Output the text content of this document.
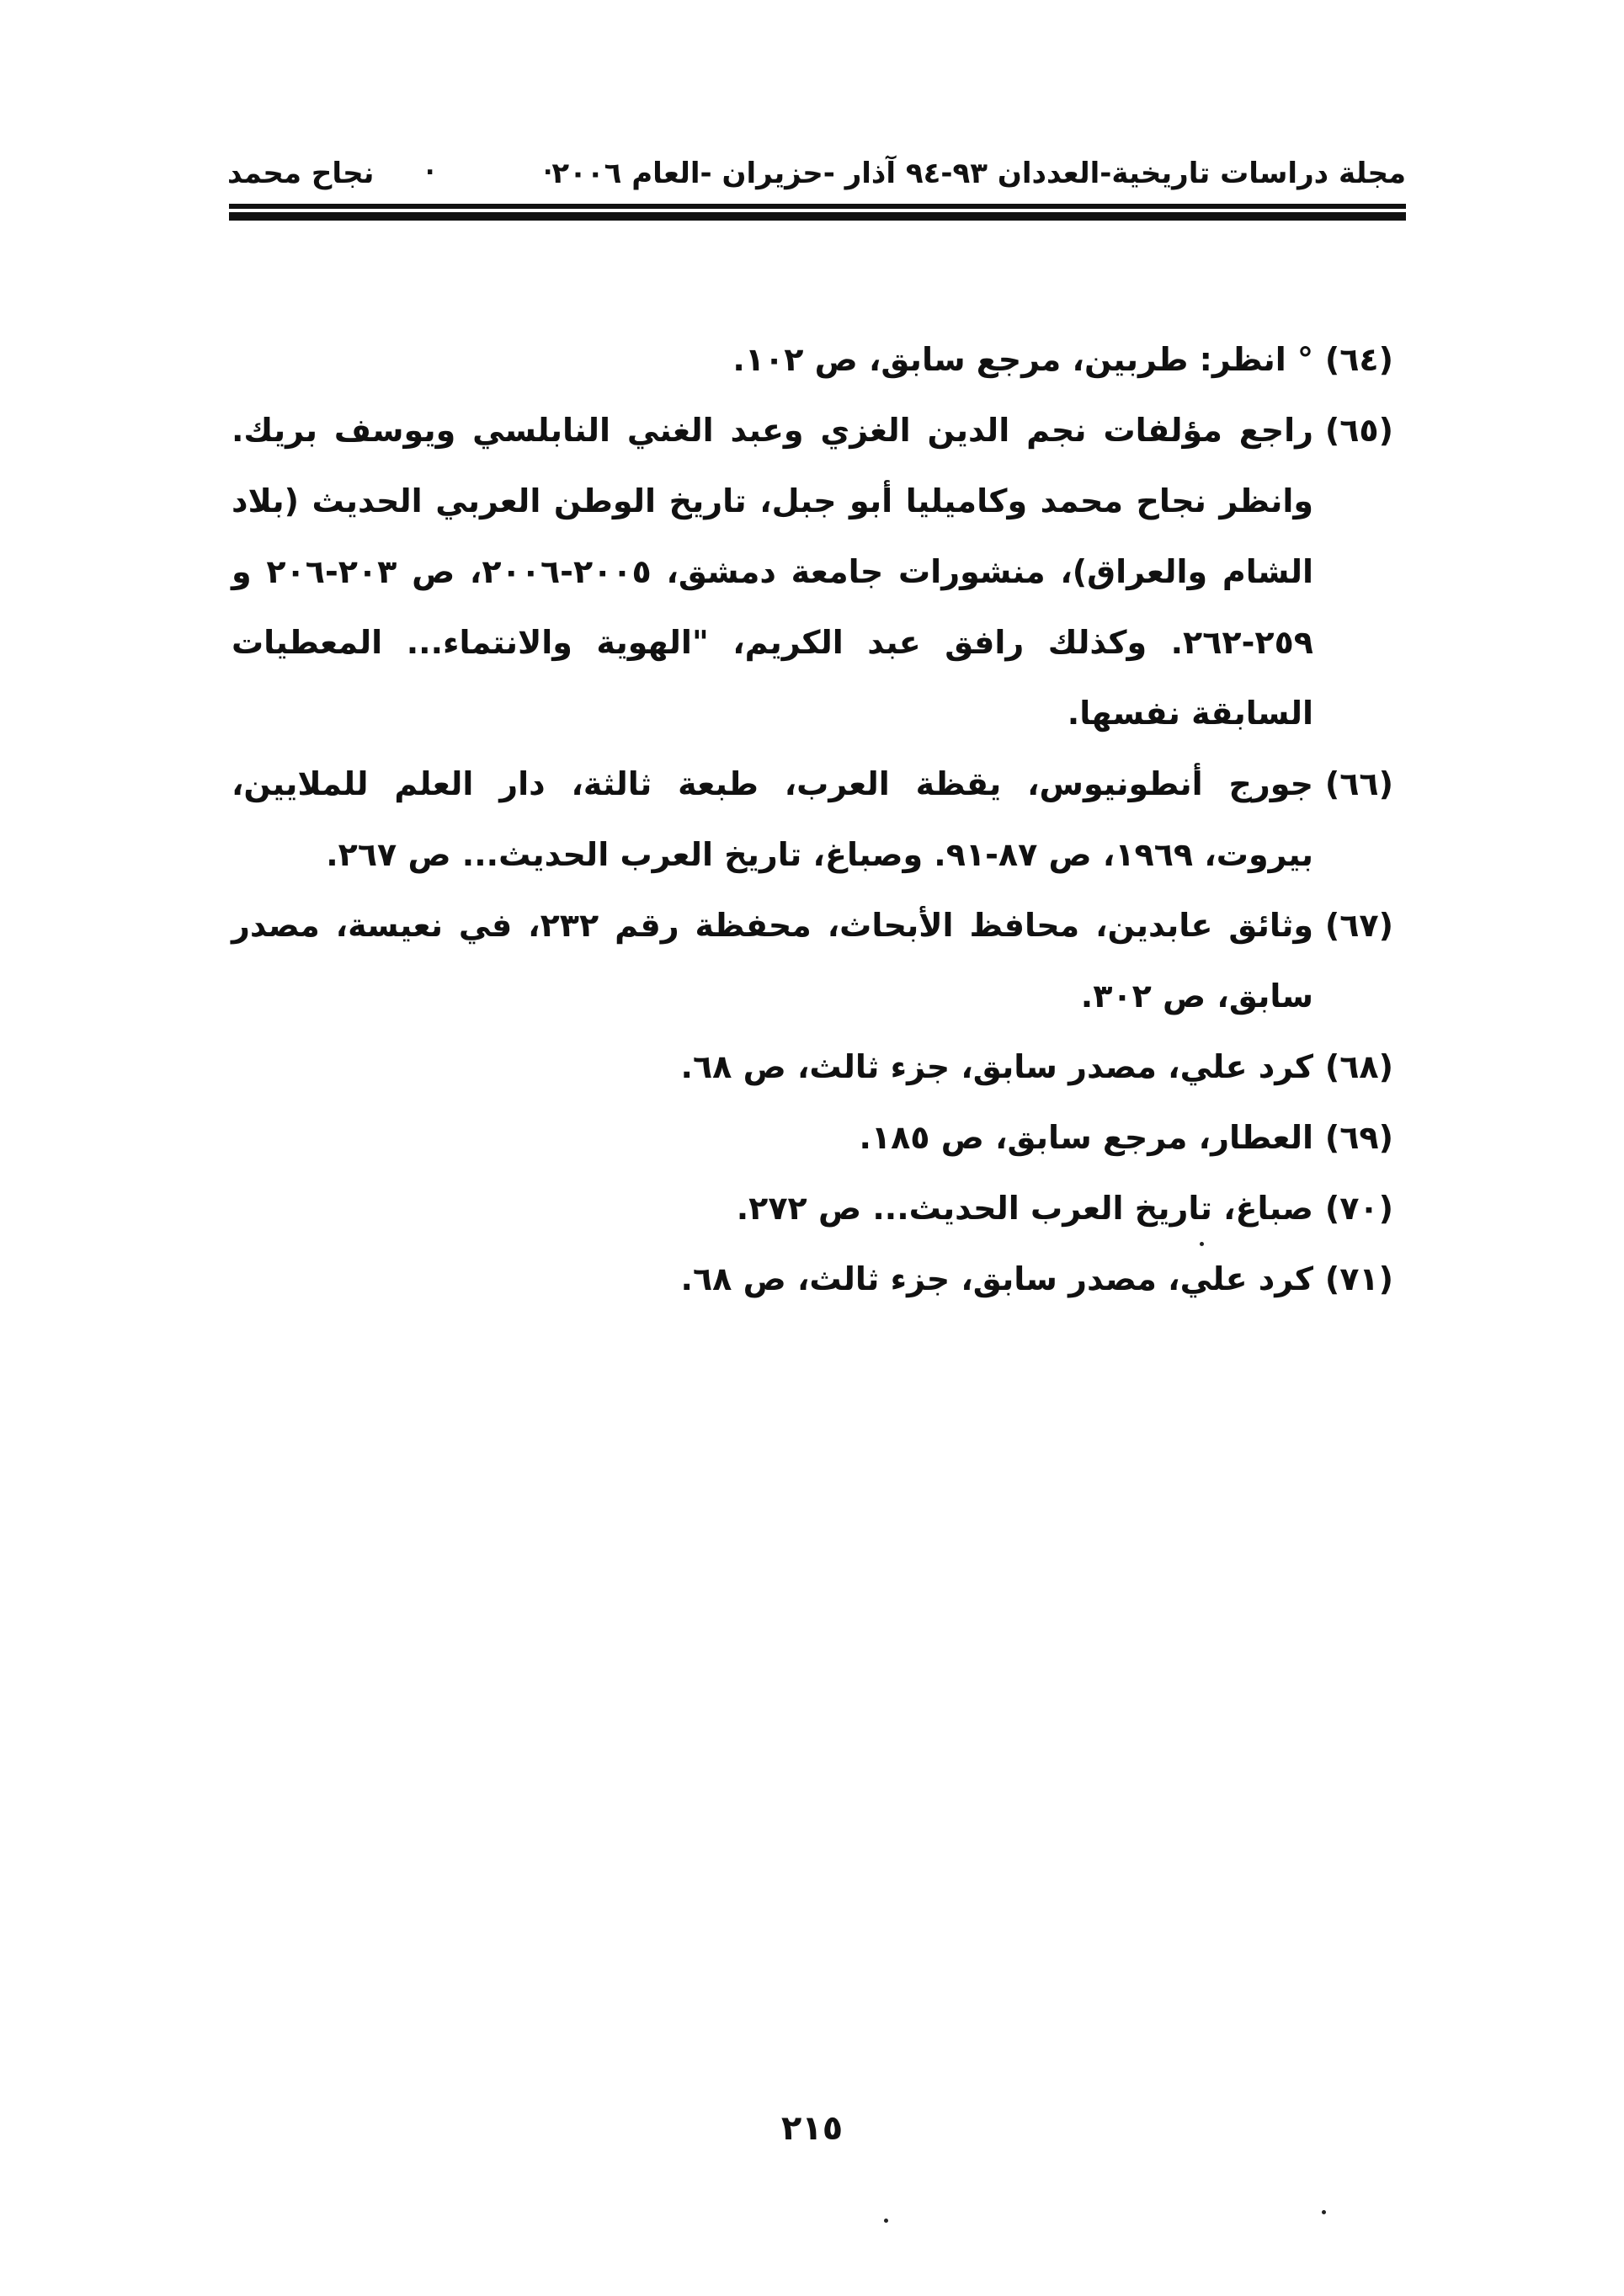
مجلة دراسات تاريخية-العددان ٩٣-٩٤ آذار -حزيران -العام ٢٠٠٦
.
.
نجاح محمد
(٦٤)
° انظر: طربين، مرجع سابق، ص ١٠٢.
(٦٥)
راجع مؤلفات نجم الدين الغزي وعبد الغني النابلسي ويوسف بريك. وانظر نجاح محمد وكاميليا أبو جبل، تاريخ الوطن العربي الحديث (بلاد الشام والعراق)، منشورات جامعة دمشق، ٢٠٠٥-٢٠٠٦، ص ٢٠٣-٢٠٦ و ٢٥٩-٢٦٢. وكذلك رافق عبد الكريم، "الهوية والانتماء... المعطيات السابقة نفسها.
(٦٦)
جورج أنطونيوس، يقظة العرب، طبعة ثالثة، دار العلم للملايين، بيروت، ١٩٦٩، ص ٨٧-٩١. وصباغ، تاريخ العرب الحديث... ص ٢٦٧.
(٦٧)
وثائق عابدين، محافظ الأبحاث، محفظة رقم ٢٣٢، في نعيسة، مصدر سابق، ص ٣٠٢.
(٦٨)
كرد علي، مصدر سابق، جزء ثالث، ص ٦٨.
(٦٩)
العطار، مرجع سابق، ص ١٨٥.
(٧٠)
صباغ، تاريخ العرب الحديث... ص ٢٧٢.
(٧١)
كرد علي، مصدر سابق، جزء ثالث، ص ٦٨.
٢١٥
